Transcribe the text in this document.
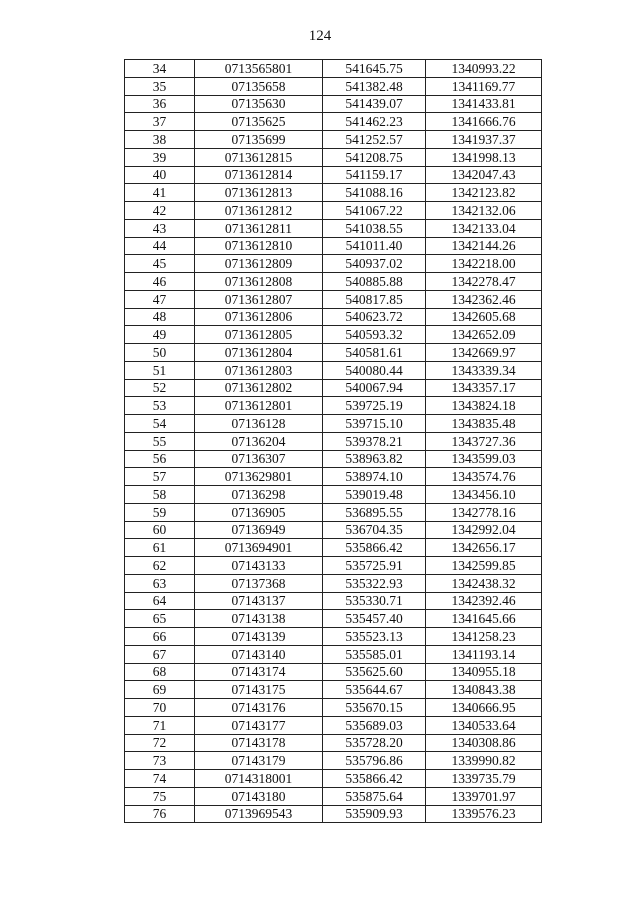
124
34	0713565801	541645.75	1340993.22
35	07135658	541382.48	1341169.77
36	07135630	541439.07	1341433.81
37	07135625	541462.23	1341666.76
38	07135699	541252.57	1341937.37
39	0713612815	541208.75	1341998.13
40	0713612814	541159.17	1342047.43
41	0713612813	541088.16	1342123.82
42	0713612812	541067.22	1342132.06
43	0713612811	541038.55	1342133.04
44	0713612810	541011.40	1342144.26
45	0713612809	540937.02	1342218.00
46	0713612808	540885.88	1342278.47
47	0713612807	540817.85	1342362.46
48	0713612806	540623.72	1342605.68
49	0713612805	540593.32	1342652.09
50	0713612804	540581.61	1342669.97
51	0713612803	540080.44	1343339.34
52	0713612802	540067.94	1343357.17
53	0713612801	539725.19	1343824.18
54	07136128	539715.10	1343835.48
55	07136204	539378.21	1343727.36
56	07136307	538963.82	1343599.03
57	0713629801	538974.10	1343574.76
58	07136298	539019.48	1343456.10
59	07136905	536895.55	1342778.16
60	07136949	536704.35	1342992.04
61	0713694901	535866.42	1342656.17
62	07143133	535725.91	1342599.85
63	07137368	535322.93	1342438.32
64	07143137	535330.71	1342392.46
65	07143138	535457.40	1341645.66
66	07143139	535523.13	1341258.23
67	07143140	535585.01	1341193.14
68	07143174	535625.60	1340955.18
69	07143175	535644.67	1340843.38
70	07143176	535670.15	1340666.95
71	07143177	535689.03	1340533.64
72	07143178	535728.20	1340308.86
73	07143179	535796.86	1339990.82
74	0714318001	535866.42	1339735.79
75	07143180	535875.64	1339701.97
76	0713969543	535909.93	1339576.23
